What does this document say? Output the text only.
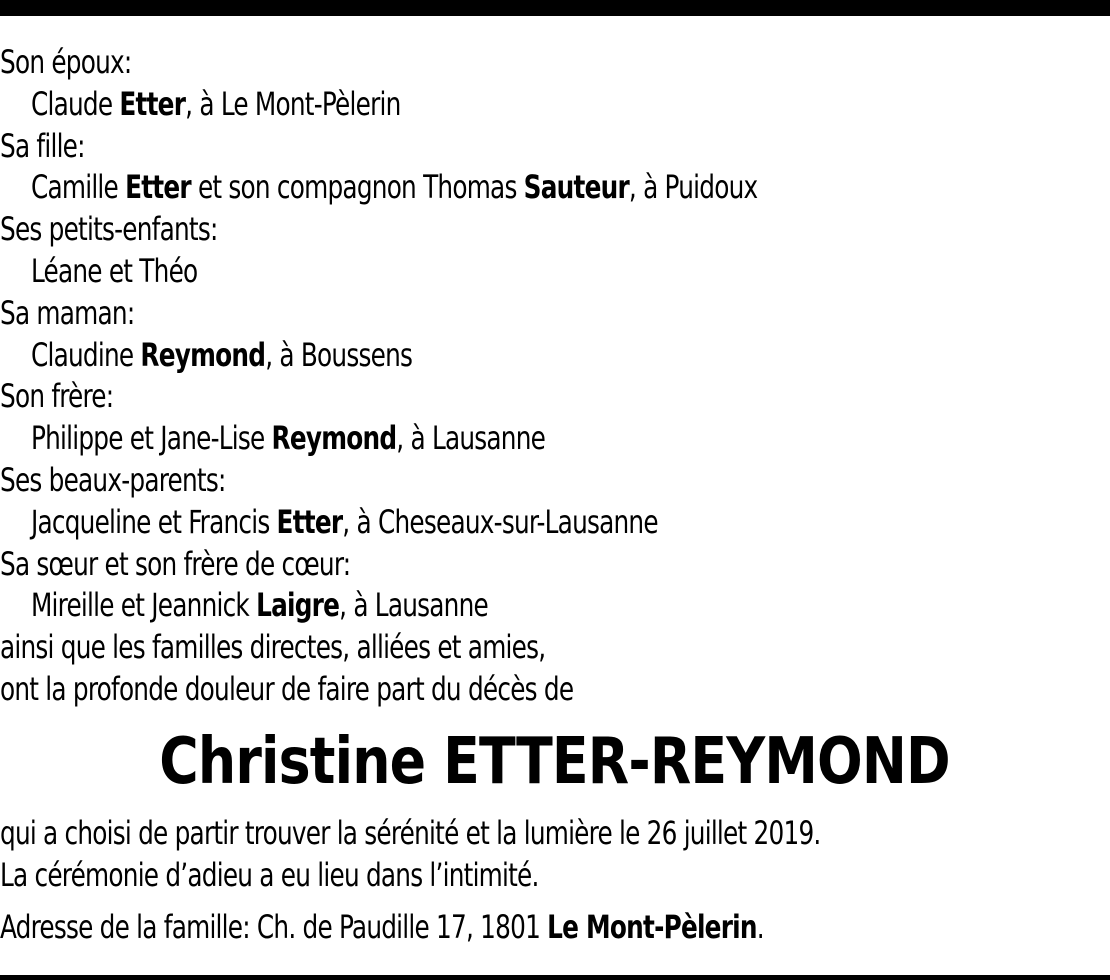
Son époux:
Claude Etter, à Le Mont-Pèlerin
Sa fille:
Camille Etter et son compagnon Thomas Sauteur, à Puidoux
Ses petits-enfants:
Léane et Théo
Sa maman:
Claudine Reymond, à Boussens
Son frère:
Philippe et Jane-Lise Reymond, à Lausanne
Ses beaux-parents:
Jacqueline et Francis Etter, à Cheseaux-sur-Lausanne
Sa sœur et son frère de cœur:
Mireille et Jeannick Laigre, à Lausanne
ainsi que les familles directes, alliées et amies,
ont la profonde douleur de faire part du décès de
Christine ETTER-REYMOND
qui a choisi de partir trouver la sérénité et la lumière le 26 juillet 2019.
La cérémonie d’adieu a eu lieu dans l’intimité.
Adresse de la famille: Ch. de Paudille 17, 1801 Le Mont-Pèlerin.
